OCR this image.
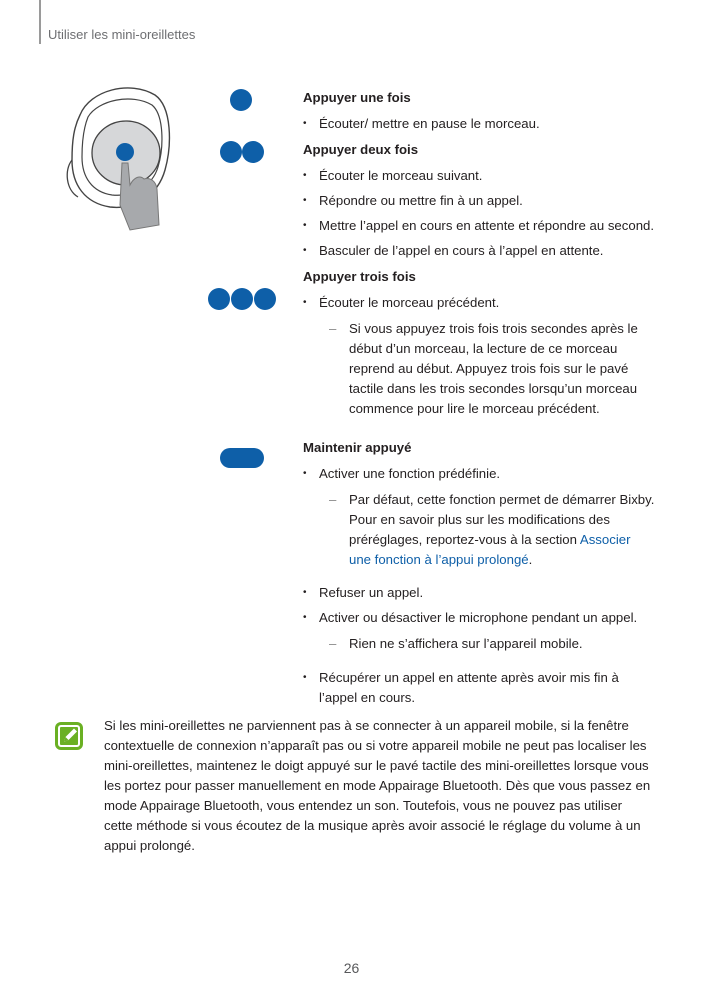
Utiliser les mini-oreillettes

Appuyer une fois

• Écouter/ mettre en pause le morceau.

Appuyer deux fois

• Écouter le morceau suivant.

• Répondre ou mettre fin à un appel.

• Mettre l’appel en cours en attente et répondre au second.

• Basculer de l’appel en cours à l’appel en attente.

Appuyer trois fois

• Écouter le morceau précédent.

– Si vous appuyez trois fois trois secondes après le début d’un morceau, la lecture de ce morceau reprend au début. Appuyez trois fois sur le pavé tactile dans les trois secondes lorsqu’un morceau commence pour lire le morceau précédent.

Maintenir appuyé

• Activer une fonction prédéfinie.

– Par défaut, cette fonction permet de démarrer Bixby. Pour en savoir plus sur les modifications des préréglages, reportez-vous à la section Associer une fonction à l’appui prolongé.

• Refuser un appel.

• Activer ou désactiver le microphone pendant un appel.

– Rien ne s’affichera sur l’appareil mobile.

• Récupérer un appel en attente après avoir mis fin à l’appel en cours.

Si les mini-oreillettes ne parviennent pas à se connecter à un appareil mobile, si la fenêtre contextuelle de connexion n’apparaît pas ou si votre appareil mobile ne peut pas localiser les mini-oreillettes, maintenez le doigt appuyé sur le pavé tactile des mini-oreillettes lorsque vous les portez pour passer manuellement en mode Appairage Bluetooth. Dès que vous passez en mode Appairage Bluetooth, vous entendez un son. Toutefois, vous ne pouvez pas utiliser cette méthode si vous écoutez de la musique après avoir associé le réglage du volume à un appui prolongé.

26
